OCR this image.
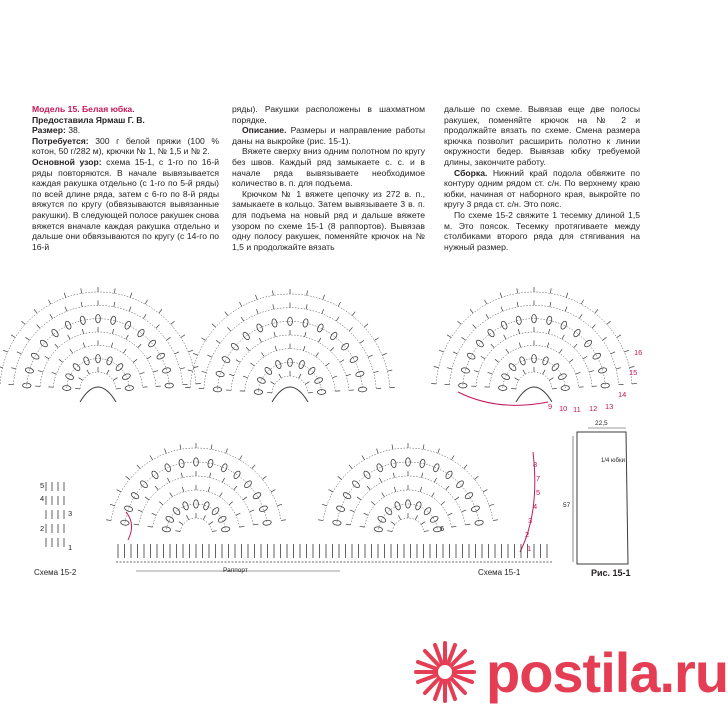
Модель 15. Белая юбка.

Предоставила Ярмаш Г. В.

Размер: 38.

Потребуется: 300 г белой пряжи (100 % котон, 50 г/282 м), крючки № 1, № 1,5 и № 2.

Основной узор: схема 15-1, с 1-го по 16-й ряды повторяются. В начале вывязывается каждая ракушка отдельно (с 1-го по 5-й ряды) по всей длине ряда, затем с 6-го по 8-й ряды вяжутся по кругу (обвязываются вывязанные ракушки). В следующей полосе ракушек снова вяжется вначале каждая ракушка отдельно и дальше они обвязываются по кругу (с 14-го по 16-й

ряды). Ракушки расположены в шахматном порядке.

Описание. Размеры и направление работы даны на выкройке (рис. 15-1).

Вяжете сверху вниз одним полотном по кругу без швов. Каждый ряд замыкаете с. с. и в начале ряда вывязываете необходимое количество в. п. для подъема.

Крючком № 1 вяжете цепочку из 272 в. п., замыкаете в кольцо. Затем вывязываете 3 в. п. для подъема на новый ряд и дальше вяжете узором по схеме 15-1 (8 раппортов). Вывязав одну полосу ракушек, поменяйте крючок на № 1,5 и продолжайте вязать

дальше по схеме. Вывязав еще две полосы ракушек, поменяйте крючок на № 2 и продолжайте вязать по схеме. Смена размера крючка позволит расширить полотно к линии окружности бедер. Вывязав юбку требуемой длины, закончите работу.

Сборка. Нижний край подола обвяжите по контуру одним рядом ст. с/н. По верхнему краю юбки, начиная от наборного края, выкройте по кругу 3 ряда ст. с/н. Это пояс.

По схеме 15-2 свяжите 1 тесемку длиной 1,5 м. Это поясок. Тесемку протягиваете между столбиками второго ряда для стягивания на нужный размер.

5
4
3
2
1	1
2
3
4
5
6
7
8
9 10 11 12 13
14
15
16
Раппорт
Схема 15-2	Схема 15-1
22,5
1/4 юбки
57
Рис. 15-1
postila.ru
